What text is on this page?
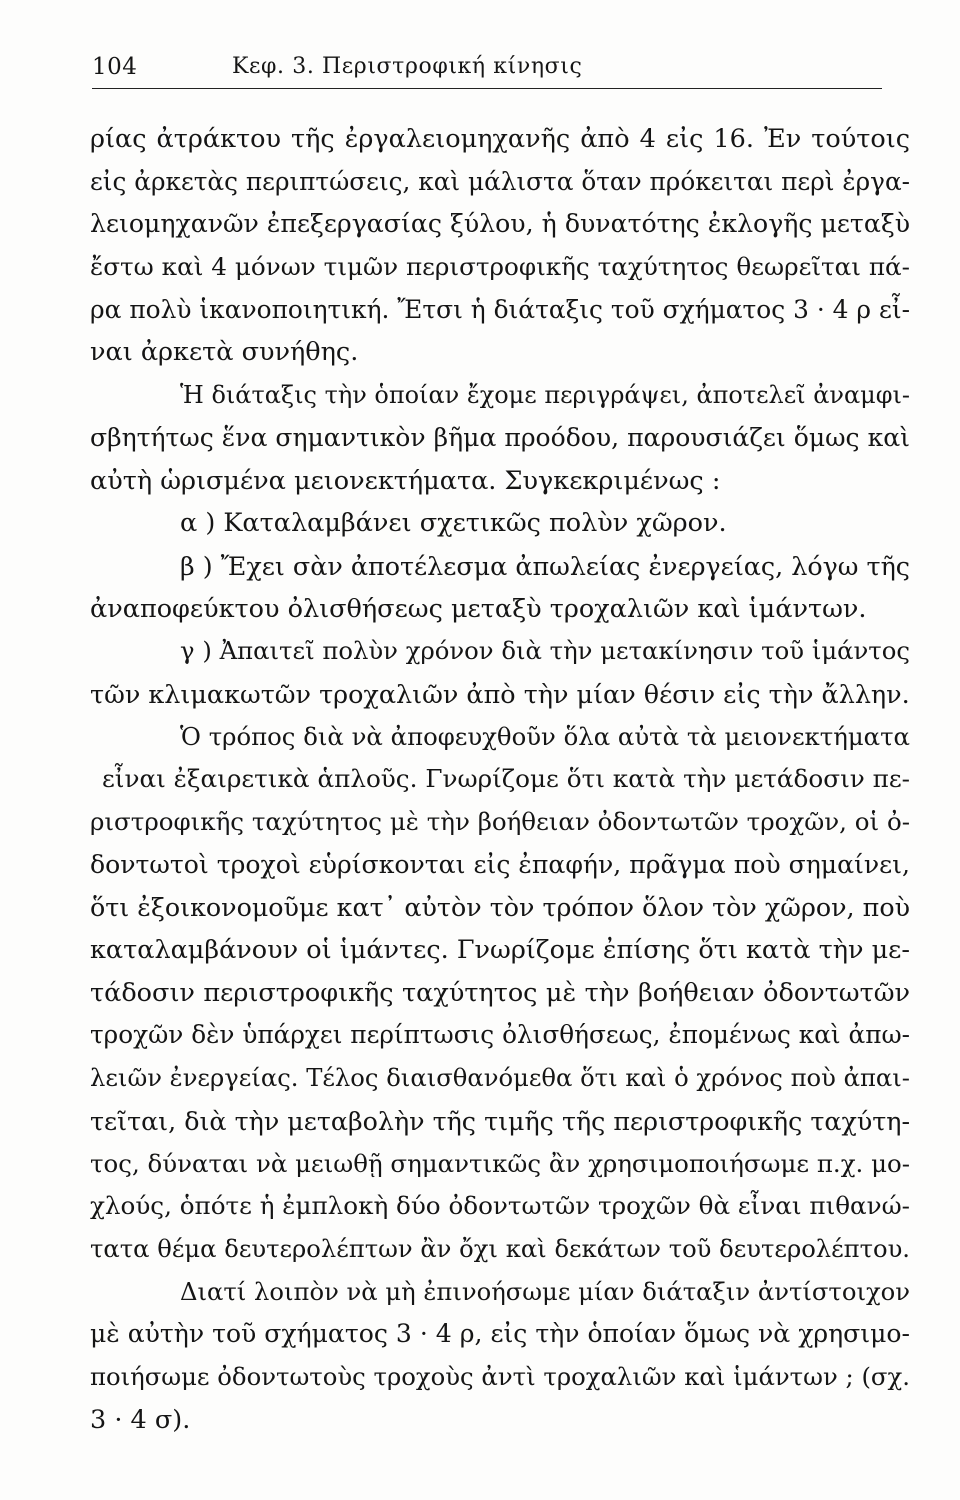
104	Κεφ. 3. Περιστροφική κίνησις
ρίας ἀτράκτου τῆς ἐργαλειομηχανῆς ἀπὸ 4 εἰς 16. Ἐν τούτοις
εἰς ἀρκετὰς περιπτώσεις, καὶ μάλιστα ὅταν πρόκειται περὶ ἐργα-
λειομηχανῶν ἐπεξεργασίας ξύλου, ἡ δυνατότης ἐκλογῆς μεταξὺ
ἔστω καὶ 4 μόνων τιμῶν περιστροφικῆς ταχύτητος θεωρεῖται πά-
ρα πολὺ ἱκανοποιητική. Ἔτσι ἡ διάταξις τοῦ σχήματος 3 · 4 ρ εἶ-
ναι ἀρκετὰ συνήθης.
Ἡ διάταξις τὴν ὁποίαν ἔχομε περιγράψει, ἀποτελεῖ ἀναμφι-
σβητήτως ἕνα σημαντικὸν βῆμα προόδου, παρουσιάζει ὅμως καὶ
αὐτὴ ὡρισμένα μειονεκτήματα. Συγκεκριμένως :
α ) Καταλαμβάνει σχετικῶς πολὺν χῶρον.
β ) Ἔχει σὰν ἀποτέλεσμα ἀπωλείας ἐνεργείας, λόγω τῆς
ἀναποφεύκτου ὀλισθήσεως μεταξὺ τροχαλιῶν καὶ ἱμάντων.
γ ) Ἀπαιτεῖ πολὺν χρόνον διὰ τὴν μετακίνησιν τοῦ ἱμάντος
τῶν κλιμακωτῶν τροχαλιῶν ἀπὸ τὴν μίαν θέσιν εἰς τὴν ἄλλην.
Ὁ τρόπος διὰ νὰ ἀποφευχθοῦν ὅλα αὐτὰ τὰ μειονεκτήματα
εἶναι ἐξαιρετικὰ ἁπλοῦς. Γνωρίζομε ὅτι κατὰ τὴν μετάδοσιν πε-
ριστροφικῆς ταχύτητος μὲ τὴν βοήθειαν ὀδοντωτῶν τροχῶν, οἱ ὀ-
δοντωτοὶ τροχοὶ εὑρίσκονται εἰς ἐπαφήν, πρᾶγμα ποὺ σημαίνει,
ὅτι ἐξοικονομοῦμε κατ᾽ αὐτὸν τὸν τρόπον ὅλον τὸν χῶρον, ποὺ
καταλαμβάνουν οἱ ἱμάντες. Γνωρίζομε ἐπίσης ὅτι κατὰ τὴν με-
τάδοσιν περιστροφικῆς ταχύτητος μὲ τὴν βοήθειαν ὀδοντωτῶν
τροχῶν δὲν ὑπάρχει περίπτωσις ὀλισθήσεως, ἐπομένως καὶ ἀπω-
λειῶν ἐνεργείας. Τέλος διαισθανόμεθα ὅτι καὶ ὁ χρόνος ποὺ ἀπαι-
τεῖται, διὰ τὴν μεταβολὴν τῆς τιμῆς τῆς περιστροφικῆς ταχύτη-
τος, δύναται νὰ μειωθῇ σημαντικῶς ἂν χρησιμοποιήσωμε π.χ. μο-
χλούς, ὁπότε ἡ ἐμπλοκὴ δύο ὀδοντωτῶν τροχῶν θὰ εἶναι πιθανώ-
τατα θέμα δευτερολέπτων ἂν ὄχι καὶ δεκάτων τοῦ δευτερολέπτου.
Διατί λοιπὸν νὰ μὴ ἐπινοήσωμε μίαν διάταξιν ἀντίστοιχον
μὲ αὐτὴν τοῦ σχήματος 3 · 4 ρ, εἰς τὴν ὁποίαν ὅμως νὰ χρησιμο-
ποιήσωμε ὀδοντωτοὺς τροχοὺς ἀντὶ τροχαλιῶν καὶ ἱμάντων ; (σχ.
3 · 4 σ).
